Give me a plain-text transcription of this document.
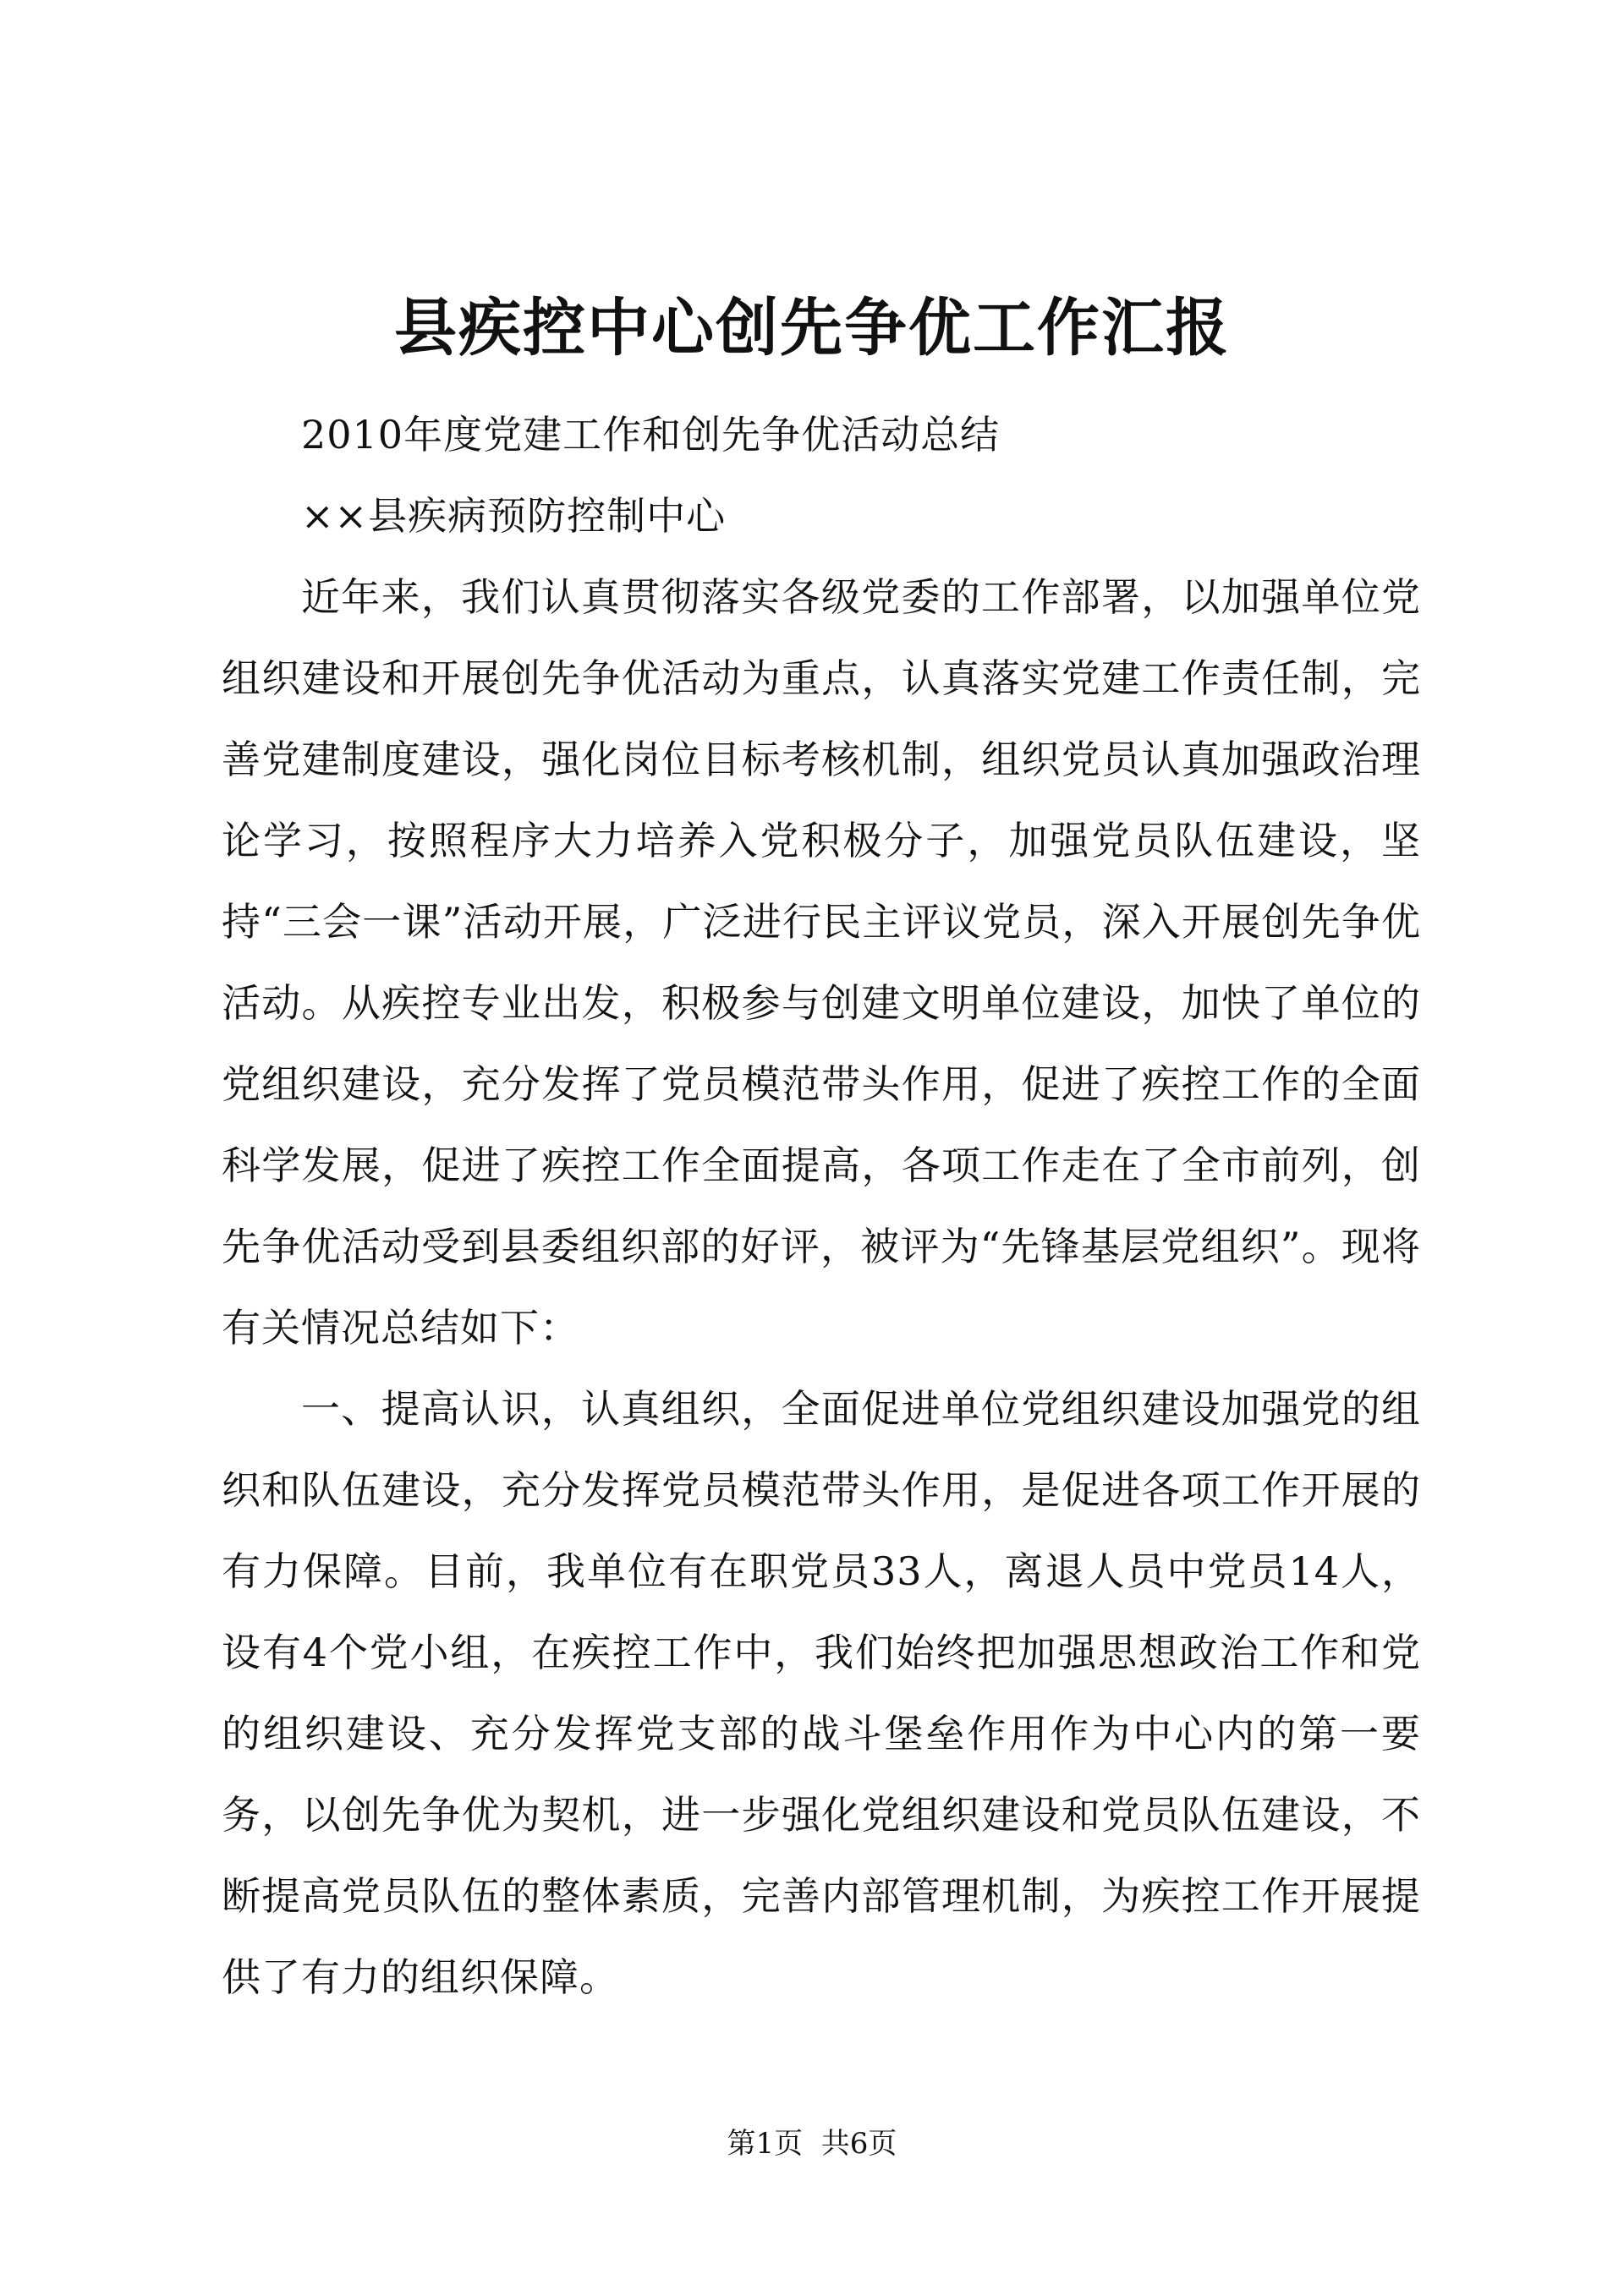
县疾控中心创先争优工作汇报

2010年度党建工作和创先争优活动总结

××县疾病预防控制中心

近年来，我们认真贯彻落实各级党委的工作部署，以加强单位党组织建设和开展创先争优活动为重点，认真落实党建工作责任制，完善党建制度建设，强化岗位目标考核机制，组织党员认真加强政治理论学习，按照程序大力培养入党积极分子，加强党员队伍建设，坚持“三会一课”活动开展，广泛进行民主评议党员，深入开展创先争优活动。从疾控专业出发，积极参与创建文明单位建设，加快了单位的党组织建设，充分发挥了党员模范带头作用，促进了疾控工作的全面科学发展，促进了疾控工作全面提高，各项工作走在了全市前列，创先争优活动受到县委组织部的好评，被评为“先锋基层党组织”。现将有关情况总结如下：

一、提高认识，认真组织，全面促进单位党组织建设加强党的组织和队伍建设，充分发挥党员模范带头作用，是促进各项工作开展的有力保障。目前，我单位有在职党员33人，离退人员中党员14人，设有4个党小组，在疾控工作中，我们始终把加强思想政治工作和党的组织建设、充分发挥党支部的战斗堡垒作用作为中心内的第一要务，以创先争优为契机，进一步强化党组织建设和党员队伍建设，不断提高党员队伍的整体素质，完善内部管理机制，为疾控工作开展提供了有力的组织保障。

第1页  共6页
